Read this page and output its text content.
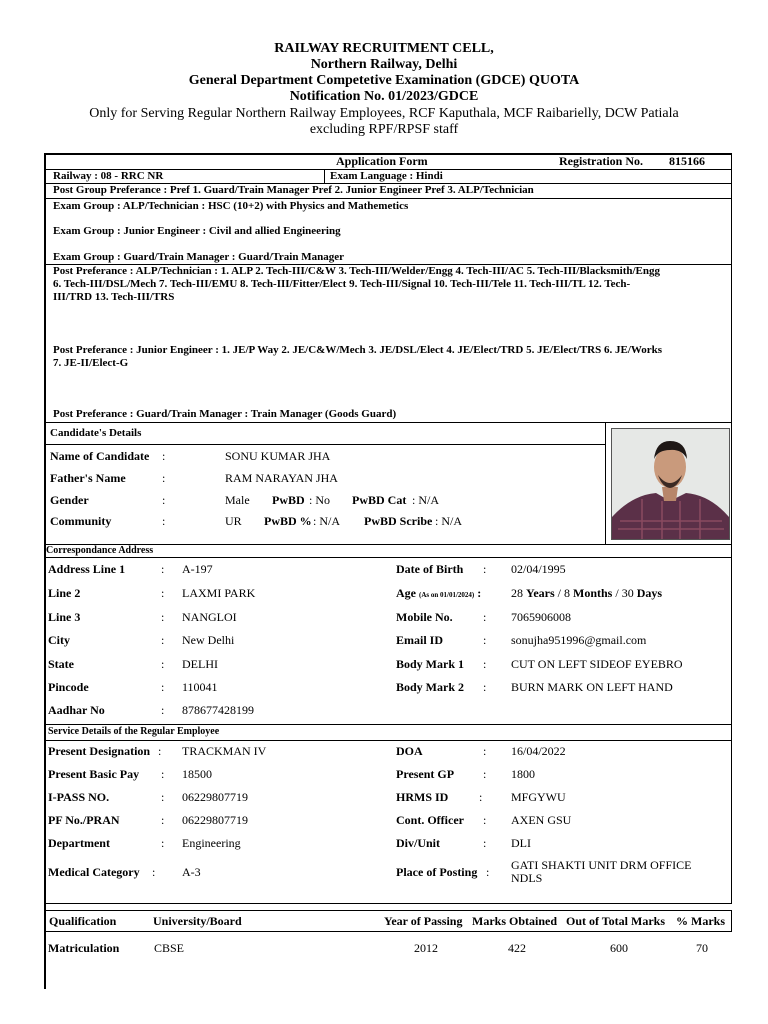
RAILWAY RECRUITMENT CELL,
Northern Railway, Delhi
General Department Competetive Examination (GDCE) QUOTA
Notification No. 01/2023/GDCE
Only for Serving Regular Northern Railway Employees, RCF Kaputhala, MCF Raibarielly, DCW Patiala
excluding RPF/RPSF staff
Application Form	Registration No. 815166
Railway : 08 - RRC NR	Exam Language : Hindi
Post Group Preferance : Pref 1. Guard/Train Manager Pref 2. Junior Engineer Pref 3. ALP/Technician
Exam Group : ALP/Technician : HSC (10+2) with Physics and Mathemetics
Exam Group : Junior Engineer : Civil and allied Engineering
Exam Group : Guard/Train Manager : Guard/Train Manager
Post Preferance : ALP/Technician : 1. ALP 2. Tech-III/C&W 3. Tech-III/Welder/Engg 4. Tech-III/AC 5. Tech-III/Blacksmith/Engg
6. Tech-III/DSL/Mech 7. Tech-III/EMU 8. Tech-III/Fitter/Elect 9. Tech-III/Signal 10. Tech-III/Tele 11. Tech-III/TL 12. Tech-
III/TRD 13. Tech-III/TRS
Post Preferance : Junior Engineer : 1. JE/P Way 2. JE/C&W/Mech 3. JE/DSL/Elect 4. JE/Elect/TRD 5. JE/Elect/TRS 6. JE/Works
7. JE-II/Elect-G
Post Preferance : Guard/Train Manager : Train Manager (Goods Guard)
Candidate's Details
Name of Candidate :	SONU KUMAR JHA
Father's Name	:	RAM NARAYAN JHA
Gender	:	Male PwBD : No PwBD Cat : N/A
Community	:	UR PwBD % : N/A PwBD Scribe : N/A
Correspondance Address
Address Line 1	: A-197	Date of Birth : 02/04/1995
Line 2	: LAXMI PARK	Age (As on 01/01/2024) : 28 Years / 8 Months / 30 Days
Line 3	: NANGLOI	Mobile No.	: 7065906008
City	: New Delhi	Email ID	: sonujha951996@gmail.com
State	: DELHI	Body Mark 1 : CUT ON LEFT SIDEOF EYEBRO
Pincode	: 110041	Body Mark 2 : BURN MARK ON LEFT HAND
Aadhar No	: 878677428199
Service Details of the Regular Employee
Present Designation : TRACKMAN IV	DOA	: 16/04/2022
Present Basic Pay : 18500	Present GP : 1800
I-PASS NO.	: 06229807719	HRMS ID	: MFGYWU
PF No./PRAN	: 06229807719	Cont. Officer : AXEN GSU
Department	: Engineering	Div/Unit	: DLI
Medical Category : A-3	Place of Posting : GATI SHAKTI UNIT DRM OFFICE
NDLS
Qualification	University/Board	Year of Passing Marks Obtained Out of Total Marks % Marks
Matriculation	CBSE	2012	422	600	70
